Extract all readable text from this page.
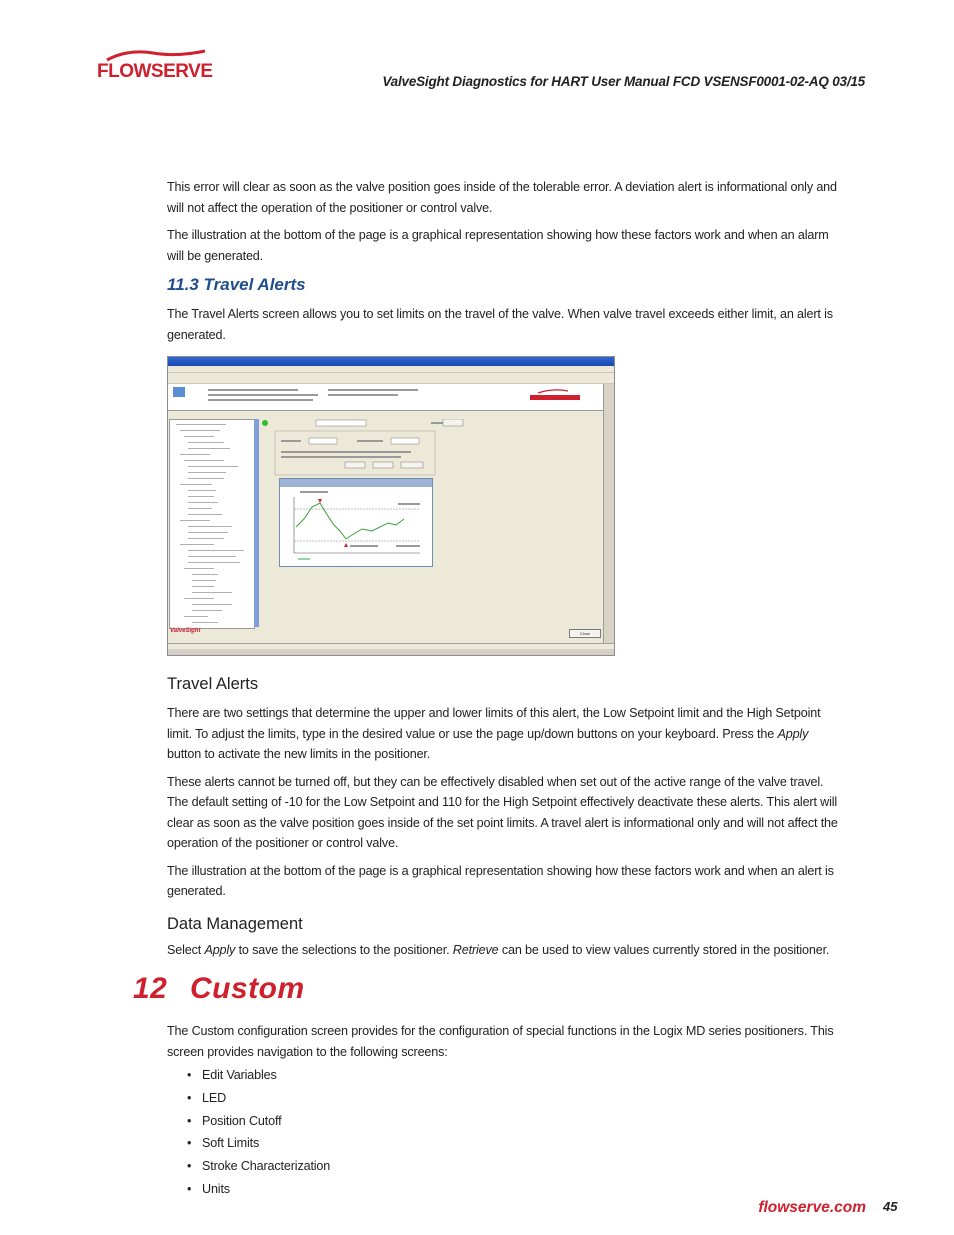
FLOWSERVE	ValveSight Diagnostics for HART User Manual FCD VSENSF0001-02-AQ 03/15

This error will clear as soon as the valve position goes inside of the tolerable error. A deviation alert is informational only and will not affect the operation of the positioner or control valve.

The illustration at the bottom of the page is a graphical representation showing how these factors work and when an alarm will be generated.

11.3 Travel Alerts

The Travel Alerts screen allows you to set limits on the travel of the valve. When valve travel exceeds either limit, an alert is generated.

ValveSight	Close
Travel Alerts

There are two settings that determine the upper and lower limits of this alert, the Low Setpoint limit and the High Setpoint limit. To adjust the limits, type in the desired value or use the page up/down buttons on your keyboard. Press the Apply button to activate the new limits in the positioner.

These alerts cannot be turned off, but they can be effectively disabled when set out of the active range of the valve travel. The default setting of -10 for the Low Setpoint and 110 for the High Setpoint effectively deactivate these alerts. This alert will clear as soon as the valve position goes inside of the set point limits. A travel alert is informational only and will not affect the operation of the positioner or control valve.

The illustration at the bottom of the page is a graphical representation showing how these factors work and when an alert is generated.

Data Management

Select Apply to save the selections to the positioner. Retrieve can be used to view values currently stored in the positioner.

12 Custom

The Custom configuration screen provides for the configuration of special functions in the Logix MD series positioners. This screen provides navigation to the following screens:

• Edit Variables
• LED
• Position Cutoff
• Soft Limits
• Stroke Characterization
• Units
flowserve.com 45
